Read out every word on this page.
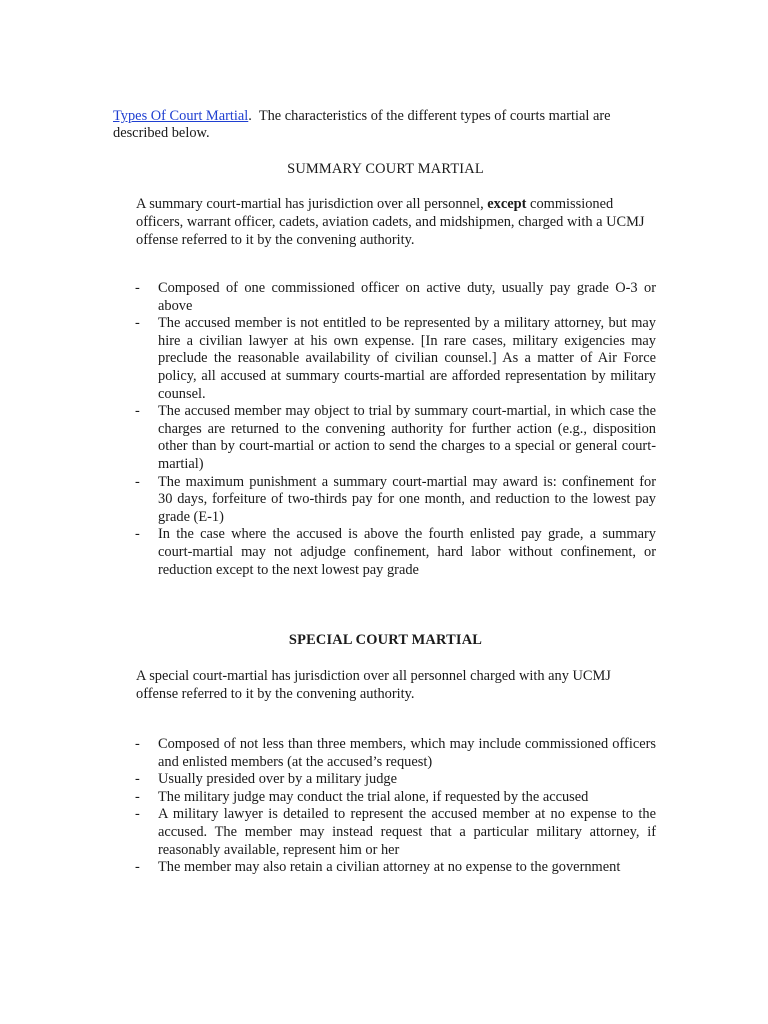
Types Of Court Martial.  The characteristics of the different types of courts martial are described below.

SUMMARY COURT MARTIAL

A summary court-martial has jurisdiction over all personnel, except commissioned officers, warrant officer, cadets, aviation cadets, and midshipmen, charged with a UCMJ offense referred to it by the convening authority.

- Composed of one commissioned officer on active duty, usually pay grade O-3 or above
- The accused member is not entitled to be represented by a military attorney, but may hire a civilian lawyer at his own expense. [In rare cases, military exigencies may preclude the reasonable availability of civilian counsel.] As a matter of Air Force policy, all accused at summary courts-martial are afforded representation by military counsel.
- The accused member may object to trial by summary court-martial, in which case the charges are returned to the convening authority for further action (e.g., disposition other than by court-martial or action to send the charges to a special or general court-martial)
- The maximum punishment a summary court-martial may award is: confinement for 30 days, forfeiture of two-thirds pay for one month, and reduction to the lowest pay grade (E-1)
- In the case where the accused is above the fourth enlisted pay grade, a summary court-martial may not adjudge confinement, hard labor without confinement, or reduction except to the next lowest pay grade
SPECIAL COURT MARTIAL

A special court-martial has jurisdiction over all personnel charged with any UCMJ offense referred to it by the convening authority.

- Composed of not less than three members, which may include commissioned officers and enlisted members (at the accused’s request)
- Usually presided over by a military judge
- The military judge may conduct the trial alone, if requested by the accused
- A military lawyer is detailed to represent the accused member at no expense to the accused. The member may instead request that a particular military attorney, if reasonably available, represent him or her
- The member may also retain a civilian attorney at no expense to the government
